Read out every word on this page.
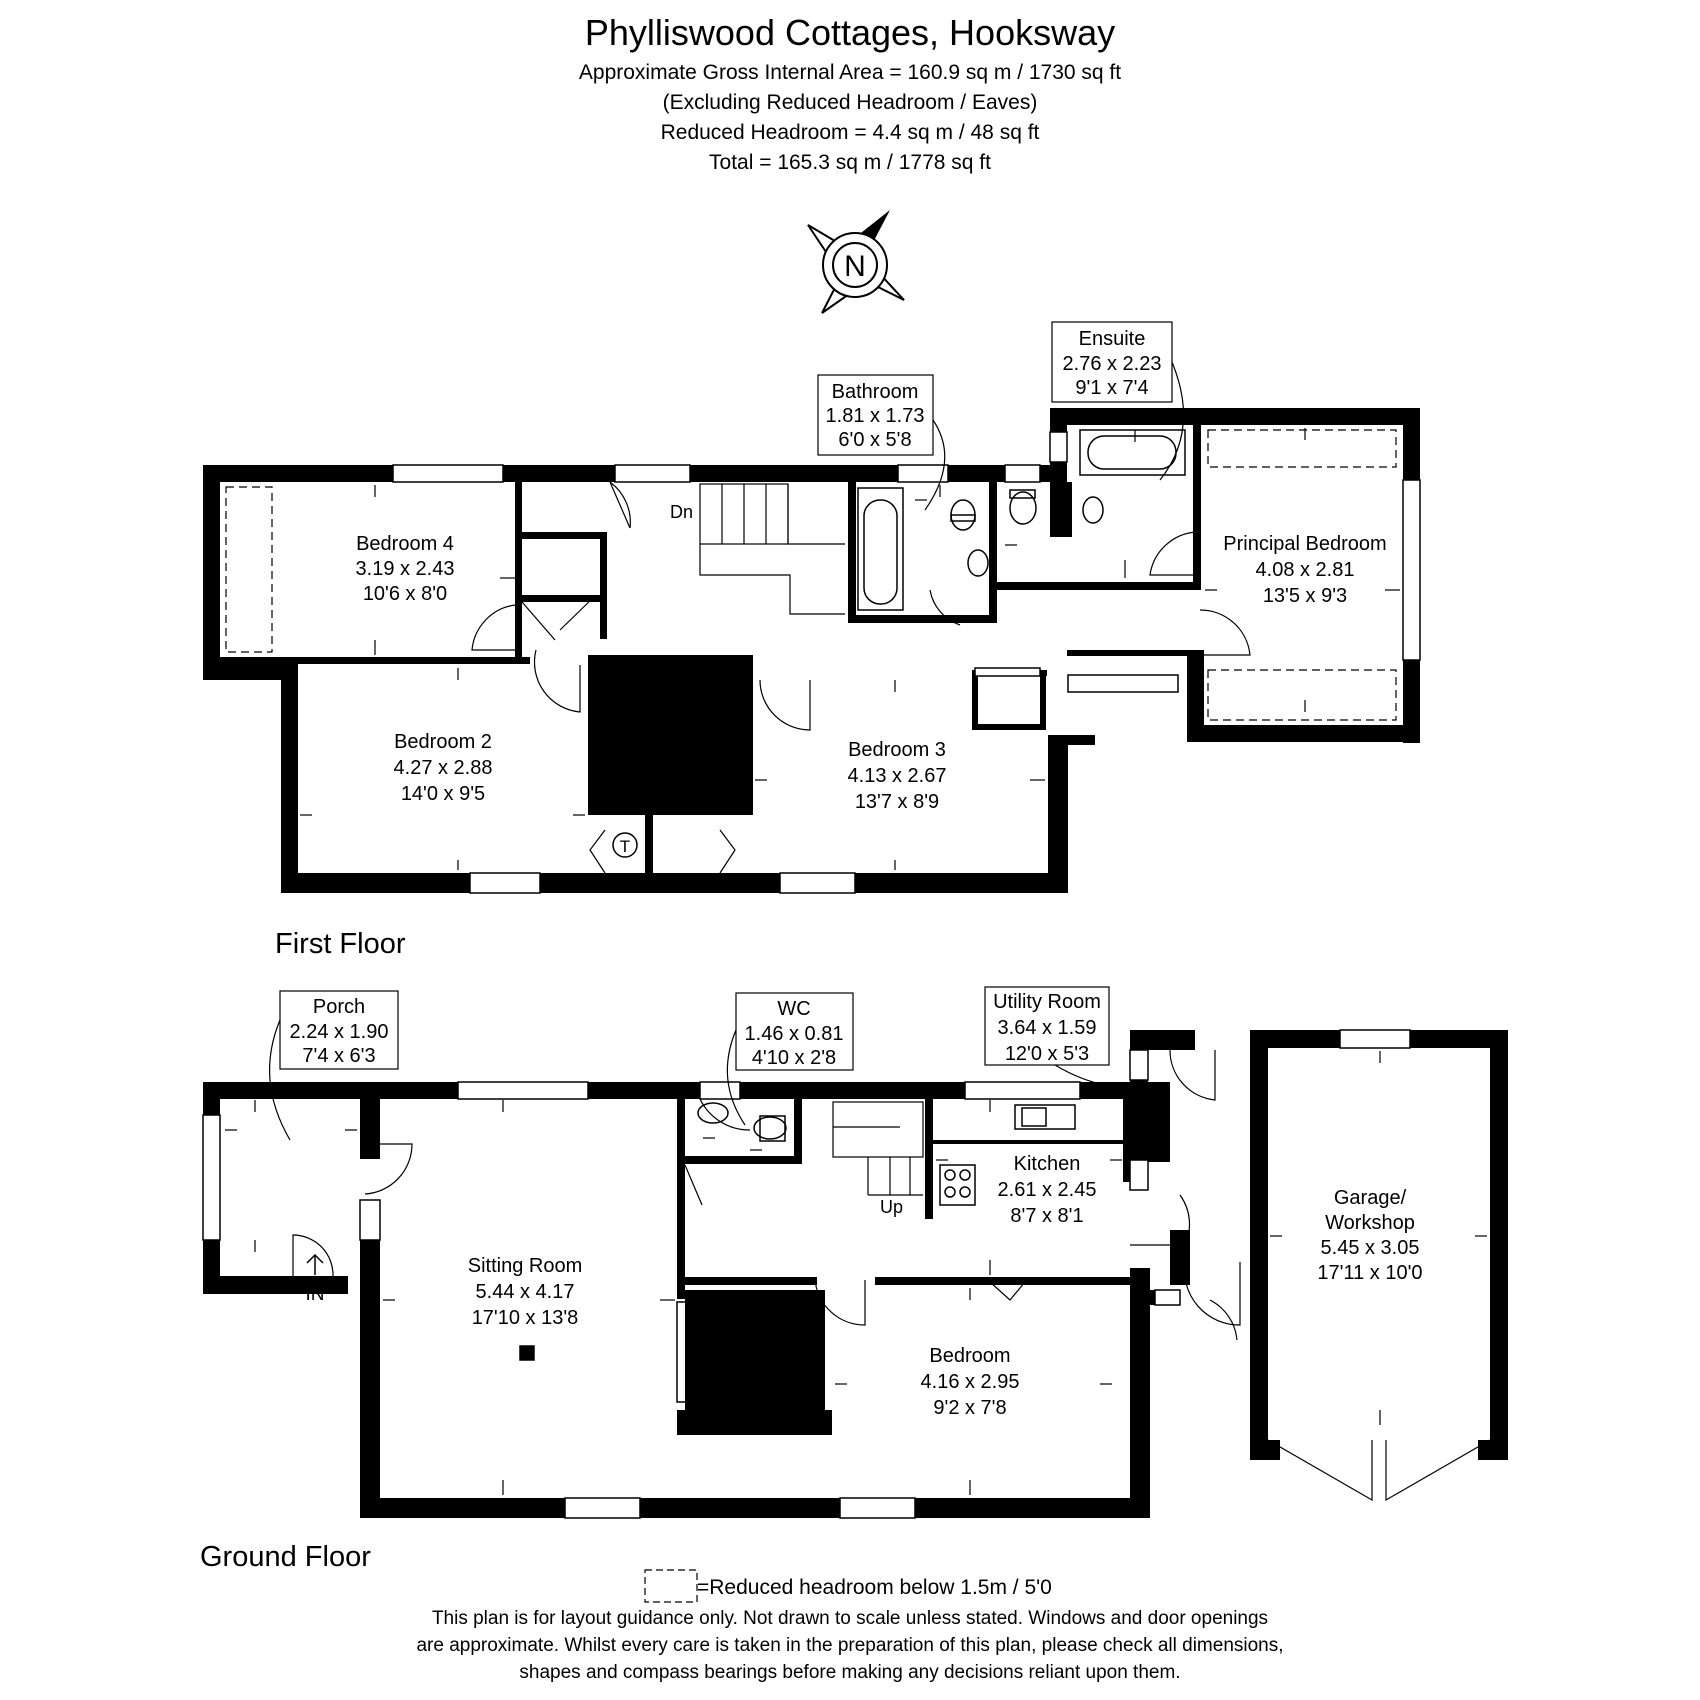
Phylliswood Cottages, Hooksway
Approximate Gross Internal Area = 160.9 sq m / 1730 sq ft
(Excluding Reduced Headroom / Eaves)
Reduced Headroom = 4.4 sq m / 48 sq ft
Total = 165.3 sq m / 1778 sq ft
N
T
Dn
Bathroom
1.81 x 1.73
6'0 x 5'8
Ensuite
2.76 x 2.23
9'1 x 7'4
Bedroom 4
3.19 x 2.43
10'6 x 8'0
Principal Bedroom
4.08 x 2.81
13'5 x 9'3
Bedroom 2
4.27 x 2.88
14'0 x 9'5
Bedroom 3
4.13 x 2.67
13'7 x 8'9
First Floor
Up
IN
Porch
2.24 x 1.90
7'4 x 6'3
WC
1.46 x 0.81
4'10 x 2'8
Utility Room
3.64 x 1.59
12'0 x 5'3
Kitchen
2.61 x 2.45
8'7 x 8'1
Sitting Room
5.44 x 4.17
17'10 x 13'8
Garage/
Workshop
5.45 x 3.05
17'11 x 10'0
Bedroom
4.16 x 2.95
9'2 x 7'8
Ground Floor
=Reduced headroom below 1.5m / 5'0
This plan is for layout guidance only. Not drawn to scale unless stated. Windows and door openings
are approximate. Whilst every care is taken in the preparation of this plan, please check all dimensions,
shapes and compass bearings before making any decisions reliant upon them.
